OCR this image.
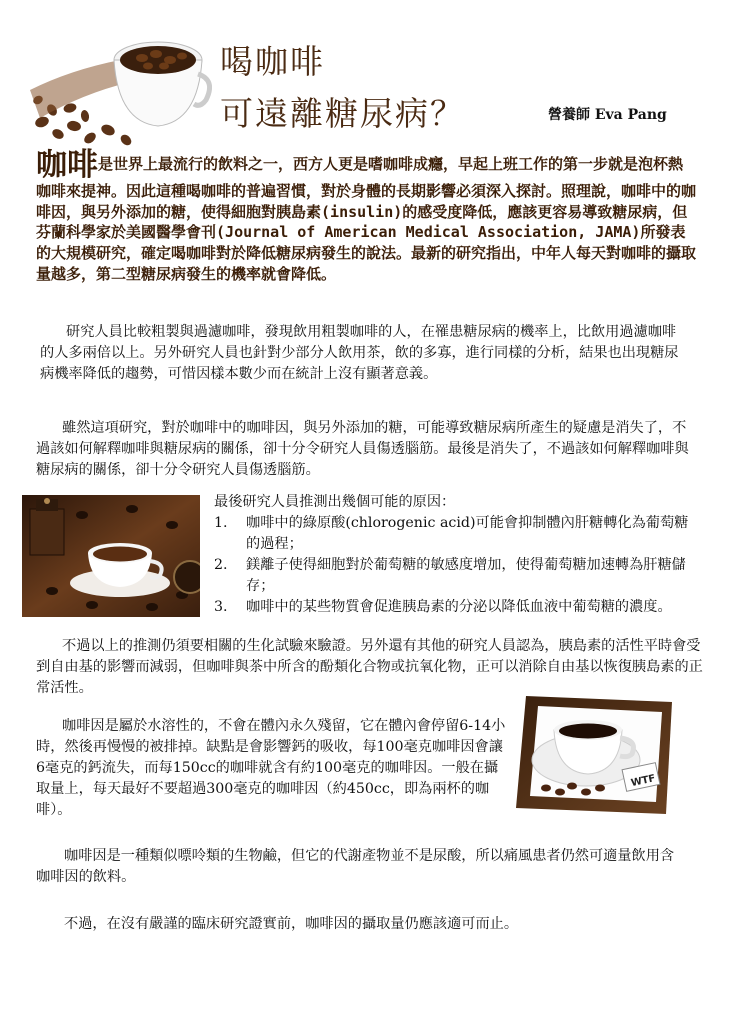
喝咖啡
可遠離糖尿病？	營養師 Eva Pang
咖啡是世界上最流行的飲料之一，西方人更是嗜咖啡成癮，早起上班工作的第一步就是泡杯熱咖啡來提神。因此這種喝咖啡的普遍習慣，對於身體的長期影響必須深入探討。照理說，咖啡中的咖啡因，與另外添加的糖，使得細胞對胰島素(insulin)的感受度降低，應該更容易導致糖尿病，但芬蘭科學家於美國醫學會刊(Journal of American Medical Association, JAMA)所發表的大規模研究，確定喝咖啡對於降低糖尿病發生的說法。最新的研究指出，中年人每天對咖啡的攝取量越多，第二型糖尿病發生的機率就會降低。
研究人員比較粗製與過濾咖啡，發現飲用粗製咖啡的人，在罹患糖尿病的機率上，比飲用過濾咖啡的人多兩倍以上。另外研究人員也針對少部分人飲用茶，飲的多寡，進行同樣的分析，結果也出現糖尿病機率降低的趨勢，可惜因樣本數少而在統計上沒有顯著意義。
雖然這項研究，對於咖啡中的咖啡因，與另外添加的糖，可能導致糖尿病所產生的疑慮是消失了，不過該如何解釋咖啡與糖尿病的關係，卻十分令研究人員傷透腦筋。最後是消失了，不過該如何解釋咖啡與糖尿病的關係，卻十分令研究人員傷透腦筋。
最後研究人員推測出幾個可能的原因：
1.	咖啡中的綠原酸(chlorogenic acid)可能會抑制體內肝糖轉化為葡萄糖的過程；
2.	鎂離子使得細胞對於葡萄糖的敏感度增加，使得葡萄糖加速轉為肝糖儲存；
3.	咖啡中的某些物質會促進胰島素的分泌以降低血液中葡萄糖的濃度。
不過以上的推測仍須要相關的生化試驗來驗證。另外還有其他的研究人員認為，胰島素的活性平時會受到自由基的影響而減弱，但咖啡與茶中所含的酚類化合物或抗氧化物，正可以消除自由基以恢復胰島素的正常活性。
咖啡因是屬於水溶性的，不會在體內永久殘留，它在體內會停留6-14小時，然後再慢慢的被排掉。缺點是會影響鈣的吸收，每100毫克咖啡因會讓6毫克的鈣流失，而每150cc的咖啡就含有約100毫克的咖啡因。一般在攝取量上，每天最好不要超過300毫克的咖啡因（約450cc，即為兩杯的咖啡）。
WTF
咖啡因是一種類似嘌呤類的生物鹼，但它的代謝產物並不是尿酸，所以痛風患者仍然可適量飲用含咖啡因的飲料。
不過，在沒有嚴謹的臨床研究證實前，咖啡因的攝取量仍應該適可而止。
